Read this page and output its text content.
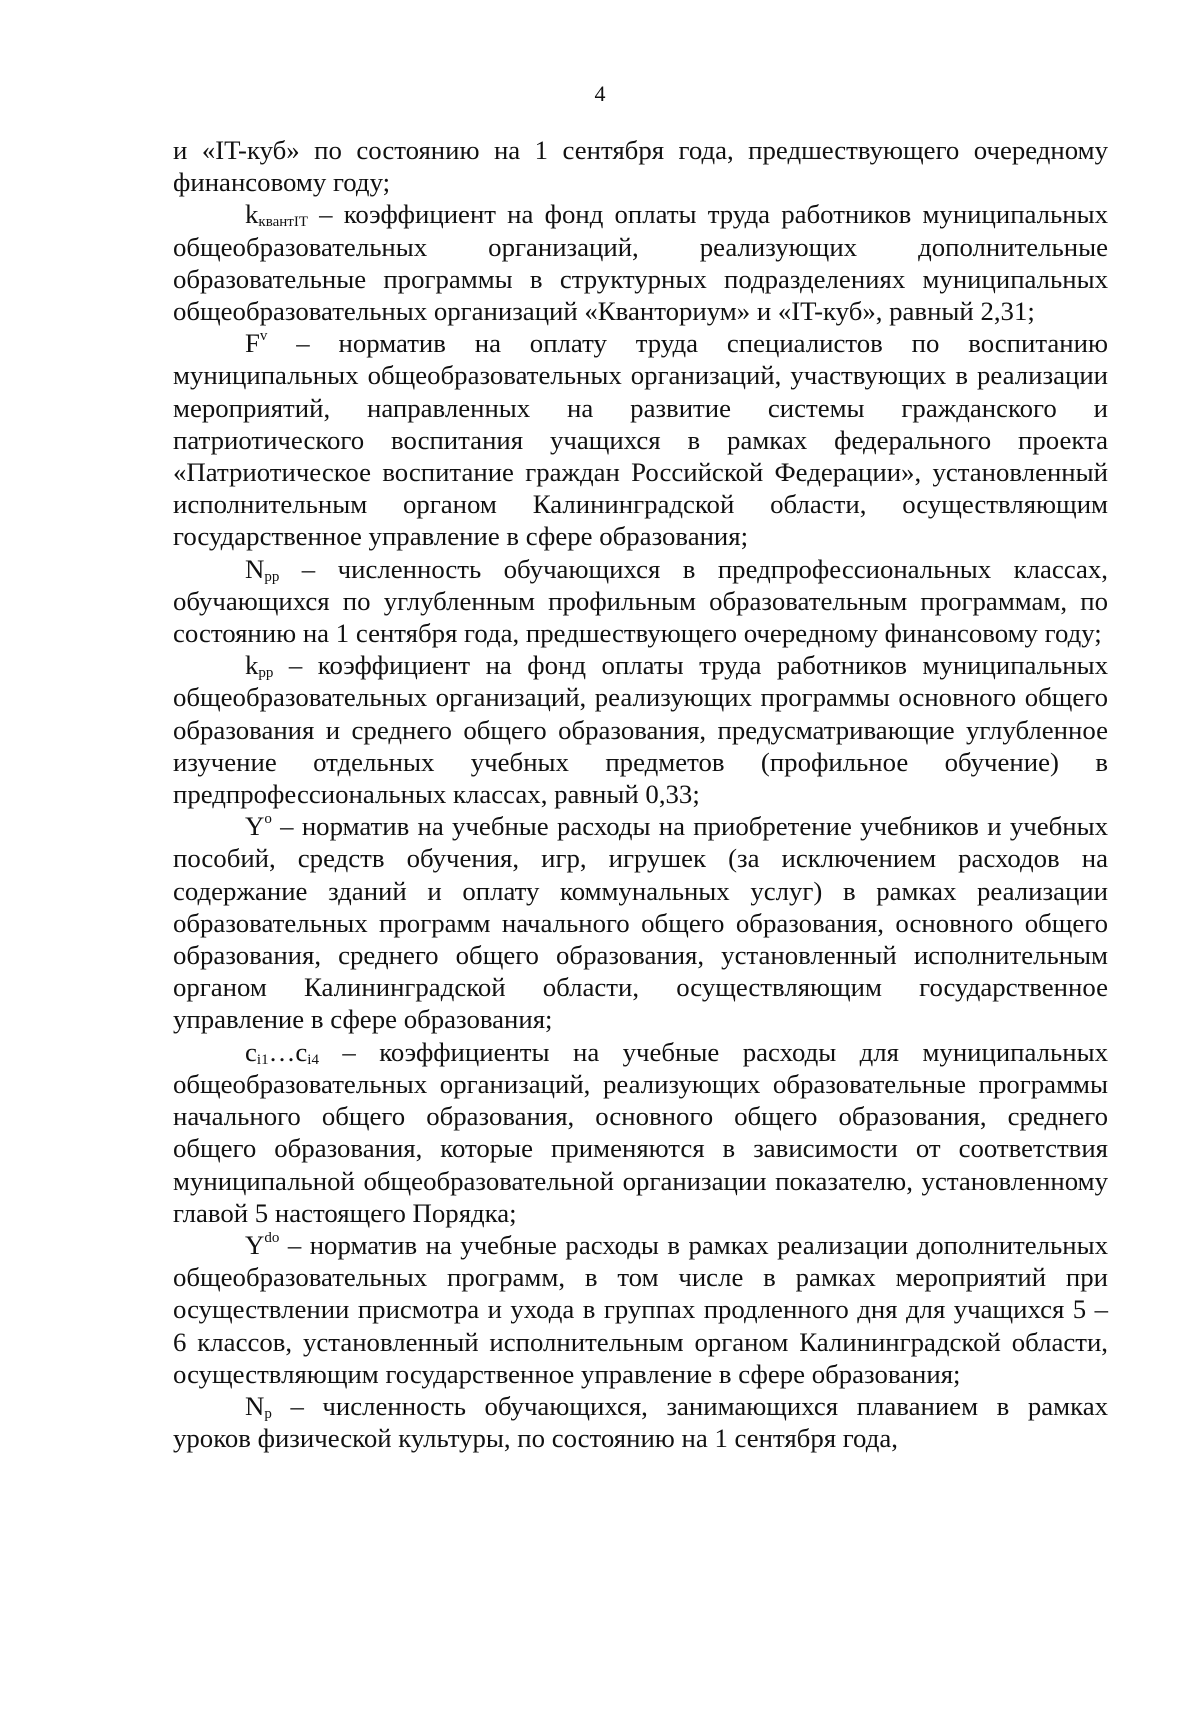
4

и «IT-куб» по состоянию на 1 сентября года, предшествующего очередному финансовому году;

$k_{квантIT}$ – коэффициент на фонд оплаты труда работников муниципальных общеобразовательных организаций, реализующих дополнительные образовательные программы в структурных подразделениях муниципальных общеобразовательных организаций «Кванториум» и «IT-куб», равный 2,31;

$F^v$ – норматив на оплату труда специалистов по воспитанию муниципальных общеобразовательных организаций, участвующих в реализации мероприятий, направленных на развитие системы гражданского и патриотического воспитания учащихся в рамках федерального проекта «Патриотическое воспитание граждан Российской Федерации», установленный исполнительным органом Калининградской области, осуществляющим государственное управление в сфере образования;

$N_{pp}$ – численность обучающихся в предпрофессиональных классах, обучающихся по углубленным профильным образовательным программам, по состоянию на 1 сентября года, предшествующего очередному финансовому году;

$k_{pp}$ – коэффициент на фонд оплаты труда работников муниципальных общеобразовательных организаций, реализующих программы основного общего образования и среднего общего образования, предусматривающие углубленное изучение отдельных учебных предметов (профильное обучение) в предпрофессиональных классах, равный 0,33;

$Y^o$ – норматив на учебные расходы на приобретение учебников и учебных пособий, средств обучения, игр, игрушек (за исключением расходов на содержание зданий и оплату коммунальных услуг) в рамках реализации образовательных программ начального общего образования, основного общего образования, среднего общего образования, установленный исполнительным органом Калининградской области, осуществляющим государственное управление в сфере образования;

$c_{i1}\dots c_{i4}$ – коэффициенты на учебные расходы для муниципальных общеобразовательных организаций, реализующих образовательные программы начального общего образования, основного общего образования, среднего общего образования, которые применяются в зависимости от соответствия муниципальной общеобразовательной организации показателю, установленному главой 5 настоящего Порядка;

$Y^{do}$ – норматив на учебные расходы в рамках реализации дополнительных общеобразовательных программ, в том числе в рамках мероприятий при осуществлении присмотра и ухода в группах продленного дня для учащихся 5 – 6 классов, установленный исполнительным органом Калининградской области, осуществляющим государственное управление в сфере образования;

$N_p$ – численность обучающихся, занимающихся плаванием в рамках уроков физической культуры, по состоянию на 1 сентября года,
